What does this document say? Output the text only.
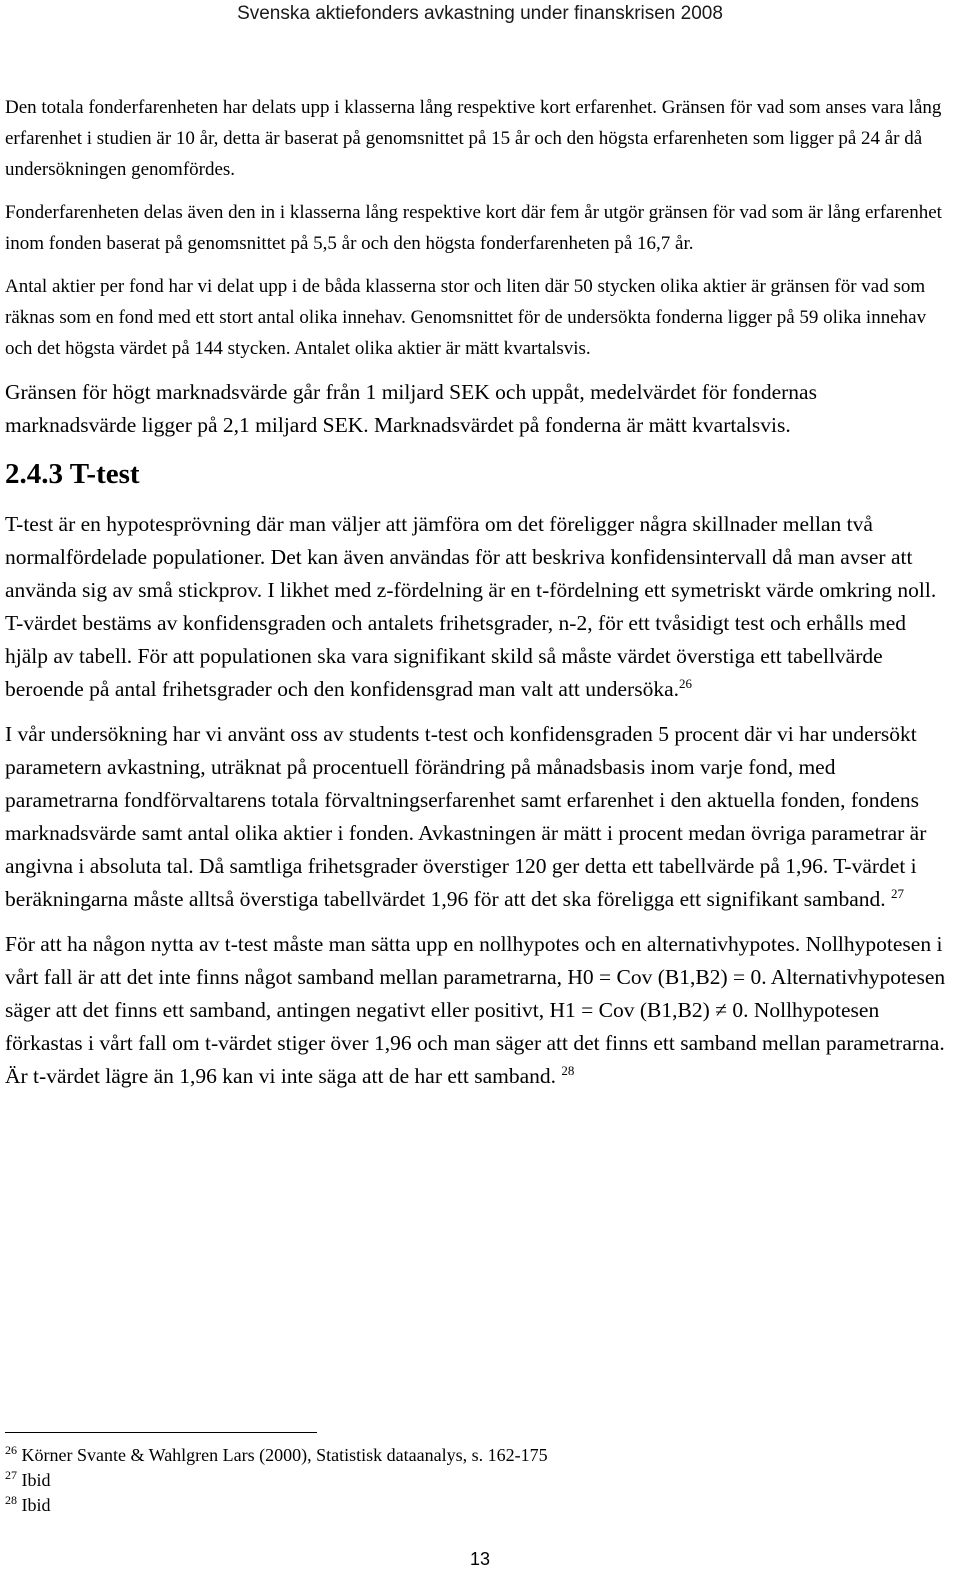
Svenska aktiefonders avkastning under finanskrisen 2008

Den totala fonderfarenheten har delats upp i klasserna lång respektive kort erfarenhet. Gränsen för vad som anses vara lång erfarenhet i studien är 10 år, detta är baserat på genomsnittet på 15 år och den högsta erfarenheten som ligger på 24 år då undersökningen genomfördes.

Fonderfarenheten delas även den in i klasserna lång respektive kort där fem år utgör gränsen för vad som är lång erfarenhet inom fonden baserat på genomsnittet på 5,5 år och den högsta fonderfarenheten på 16,7 år.

Antal aktier per fond har vi delat upp i de båda klasserna stor och liten där 50 stycken olika aktier är gränsen för vad som räknas som en fond med ett stort antal olika innehav. Genomsnittet för de undersökta fonderna ligger på 59 olika innehav och det högsta värdet på 144 stycken. Antalet olika aktier är mätt kvartalsvis.

Gränsen för högt marknadsvärde går från 1 miljard SEK och uppåt, medelvärdet för fondernas marknadsvärde ligger på 2,1 miljard SEK. Marknadsvärdet på fonderna är mätt kvartalsvis.

2.4.3 T-test

T-test är en hypotesprövning där man väljer att jämföra om det föreligger några skillnader mellan två normalfördelade populationer. Det kan även användas för att beskriva konfidensintervall då man avser att använda sig av små stickprov. I likhet med z-fördelning är en t-fördelning ett symetriskt värde omkring noll. T-värdet bestäms av konfidensgraden och antalets frihetsgrader, n-2, för ett tvåsidigt test och erhålls med hjälp av tabell. För att populationen ska vara signifikant skild så måste värdet överstiga ett tabellvärde beroende på antal frihetsgrader och den konfidensgrad man valt att undersöka.$^{26}$

I vår undersökning har vi använt oss av students t-test och konfidensgraden 5 procent där vi har undersökt parametern avkastning, uträknat på procentuell förändring på månadsbasis inom varje fond, med parametrarna fondförvaltarens totala förvaltningserfarenhet samt erfarenhet i den aktuella fonden, fondens marknadsvärde samt antal olika aktier i fonden. Avkastningen är mätt i procent medan övriga parametrar är angivna i absoluta tal. Då samtliga frihetsgrader överstiger 120 ger detta ett tabellvärde på 1,96. T-värdet i beräkningarna måste alltså överstiga tabellvärdet 1,96 för att det ska föreligga ett signifikant samband. $^{27}$

För att ha någon nytta av t-test måste man sätta upp en nollhypotes och en alternativhypotes. Nollhypotesen i vårt fall är att det inte finns något samband mellan parametrarna, H0 = Cov (B1,B2) = 0. Alternativhypotesen säger att det finns ett samband, antingen negativt eller positivt, H1 = Cov (B1,B2) ≠ 0. Nollhypotesen förkastas i vårt fall om t-värdet stiger över 1,96 och man säger att det finns ett samband mellan parametrarna. Är t-värdet lägre än 1,96 kan vi inte säga att de har ett samband. $^{28}$

$^{26}$ Körner Svante & Wahlgren Lars (2000), Statistisk dataanalys, s. 162-175
$^{27}$ Ibid
$^{28}$ Ibid
13
